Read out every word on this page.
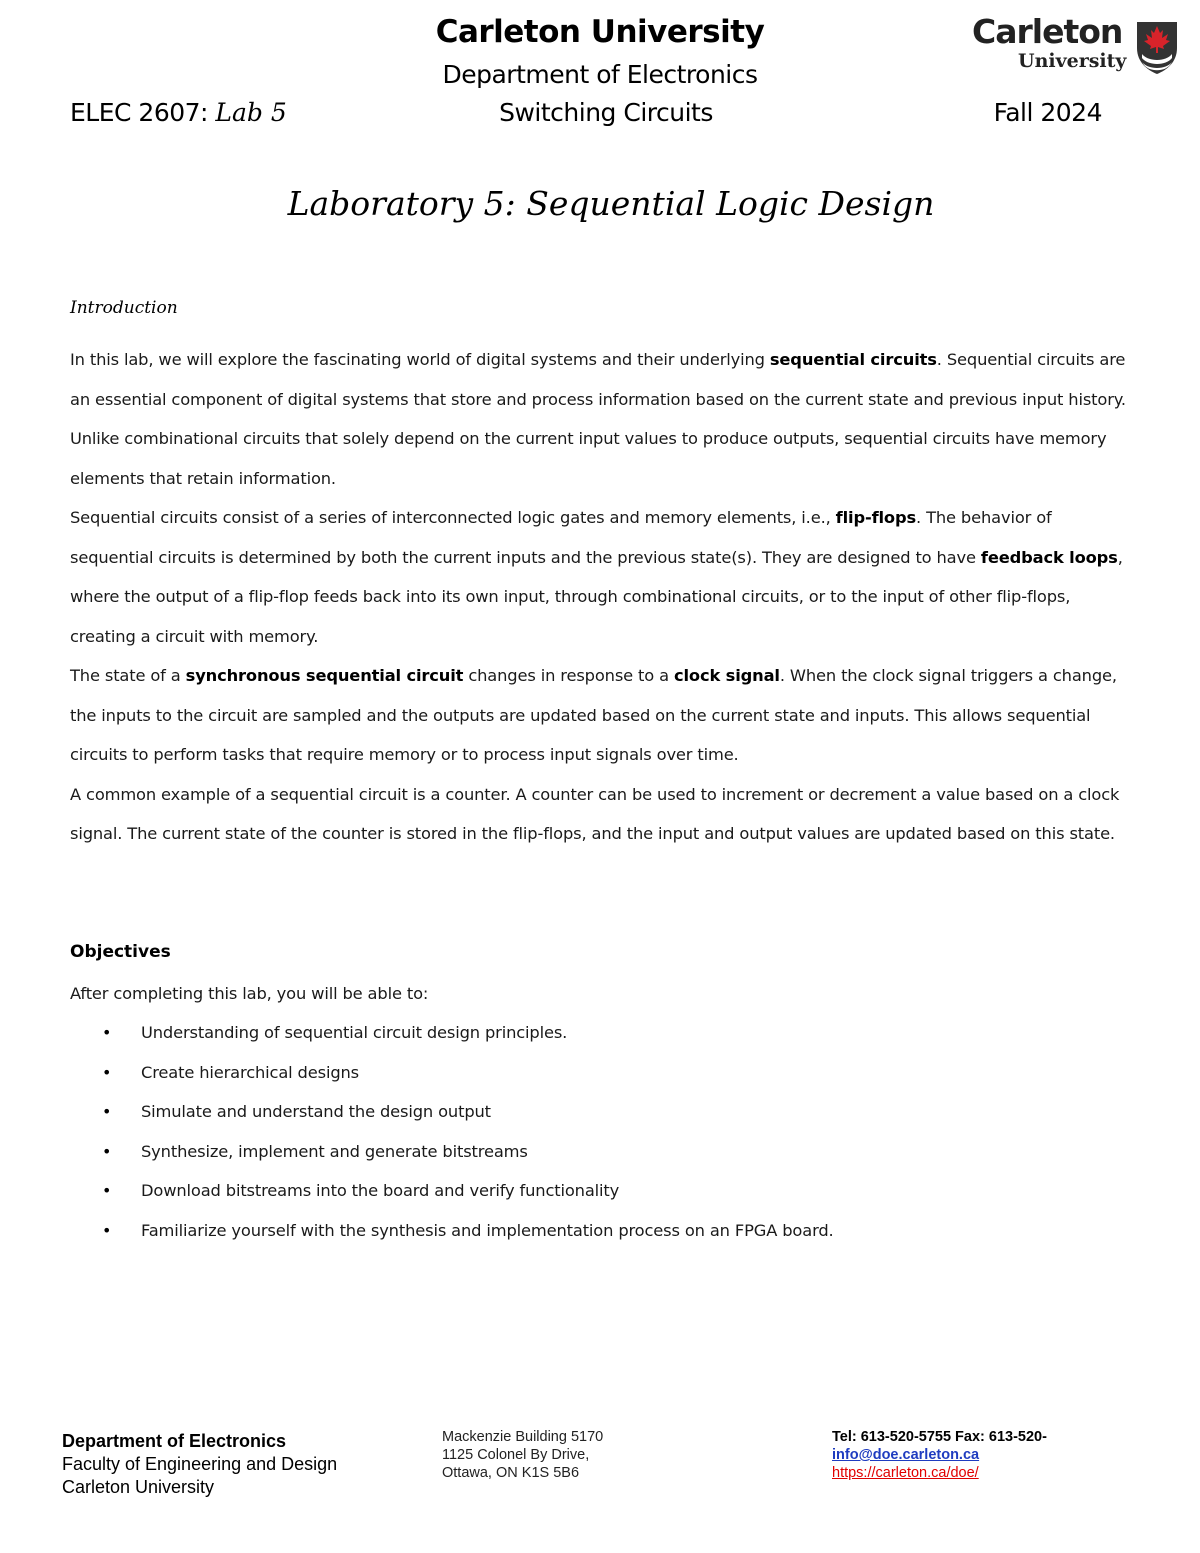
Carleton University
Department of Electronics
ELEC 2607: Lab 5	Switching Circuits	Fall 2024
Carleton
University
Laboratory 5: Sequential Logic Design
Introduction

In this lab, we will explore the fascinating world of digital systems and their underlying sequential circuits. Sequential circuits are an essential component of digital systems that store and process information based on the current state and previous input history. Unlike combinational circuits that solely depend on the current input values to produce outputs, sequential circuits have memory elements that retain information.

Sequential circuits consist of a series of interconnected logic gates and memory elements, i.e., flip-flops. The behavior of sequential circuits is determined by both the current inputs and the previous state(s). They are designed to have feedback loops, where the output of a flip-flop feeds back into its own input, through combinational circuits, or to the input of other flip-flops, creating a circuit with memory.

The state of a synchronous sequential circuit changes in response to a clock signal. When the clock signal triggers a change, the inputs to the circuit are sampled and the outputs are updated based on the current state and inputs. This allows sequential circuits to perform tasks that require memory or to process input signals over time.

A common example of a sequential circuit is a counter. A counter can be used to increment or decrement a value based on a clock signal. The current state of the counter is stored in the flip-flops, and the input and output values are updated based on this state.

Objectives
After completing this lab, you will be able to:
• Understanding of sequential circuit design principles.
• Create hierarchical designs
• Simulate and understand the design output
• Synthesize, implement and generate bitstreams
• Download bitstreams into the board and verify functionality
• Familiarize yourself with the synthesis and implementation process on an FPGA board.
Department of Electronics
Faculty of Engineering and Design
Carleton University
Mackenzie Building 5170
1125 Colonel By Drive,
Ottawa, ON K1S 5B6
Tel: 613-520-5755 Fax: 613-520-
info@doe.carleton.ca
https://carleton.ca/doe/
